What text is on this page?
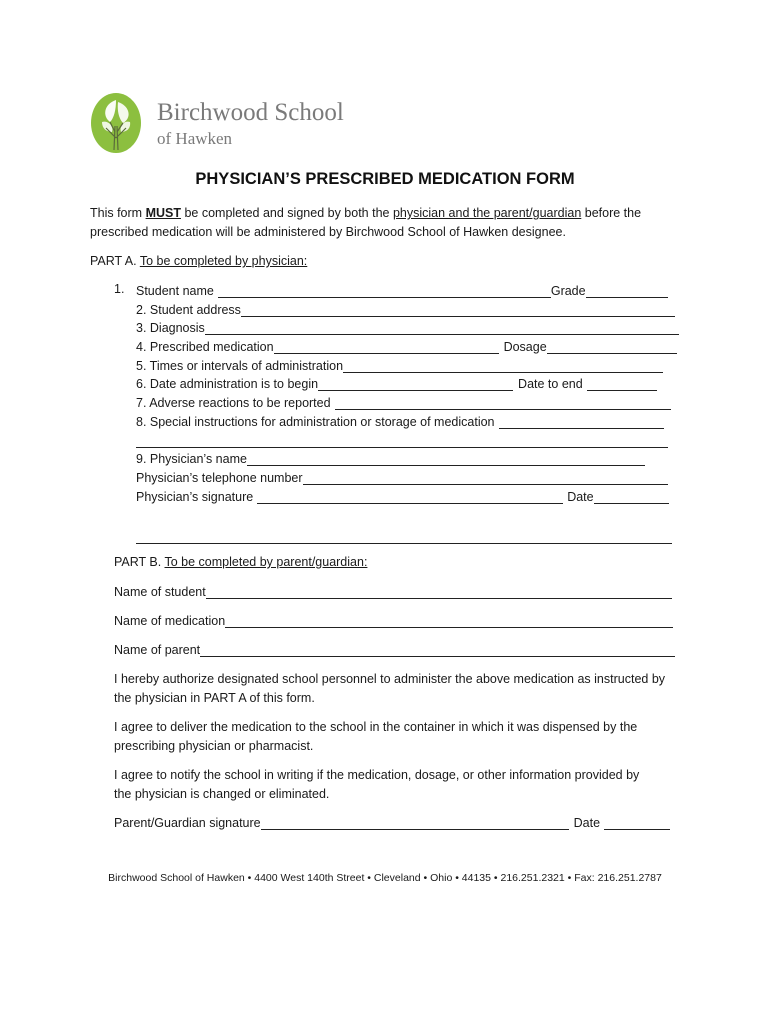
Birchwood School
of Hawken
PHYSICIAN’S PRESCRIBED MEDICATION FORM
This form MUST be completed and signed by both the physician and the parent/guardian before the
prescribed medication will be administered by Birchwood School of Hawken designee.
PART A. To be completed by physician:
1. Student name	Grade
2. Student address
3. Diagnosis
4. Prescribed medication	Dosage
5. Times or intervals of administration
6. Date administration is to begin	Date to end
7. Adverse reactions to be reported
8. Special instructions for administration or storage of medication
9. Physician’s name
Physician’s telephone number
Physician’s signature	Date
PART B. To be completed by parent/guardian:
Name of student
Name of medication
Name of parent
I hereby authorize designated school personnel to administer the above medication as instructed by
the physician in PART A of this form.
I agree to deliver the medication to the school in the container in which it was dispensed by the
prescribing physician or pharmacist.
I agree to notify the school in writing if the medication, dosage, or other information provided by
the physician is changed or eliminated.
Parent/Guardian signature	Date
Birchwood School of Hawken • 4400 West 140th Street • Cleveland • Ohio • 44135 • 216.251.2321 • Fax: 216.251.2787
